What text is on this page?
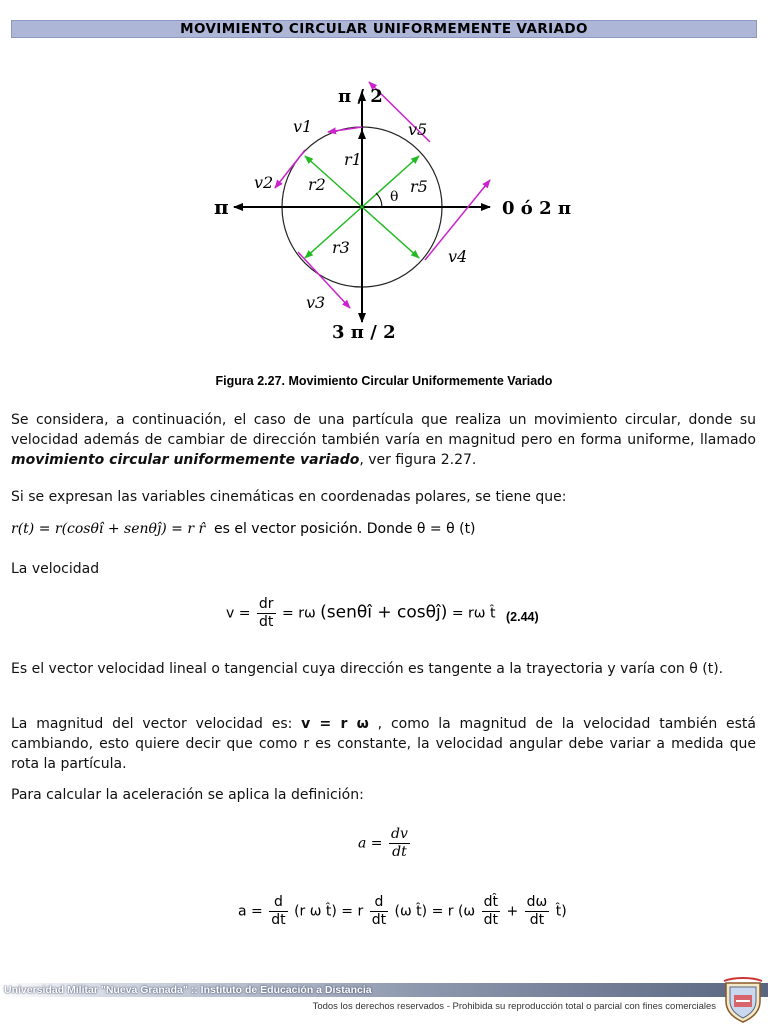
MOVIMIENTO CIRCULAR UNIFORMEMENTE VARIADO
π / 2
π	0 ó 2 π
3 π / 2
θ
v1	v5
v2
v3
v4
r1
r2	r5
r3
Figura 2.27. Movimiento Circular Uniformemente Variado

Se considera, a continuación, el caso de una partícula que realiza un movimiento circular, donde su velocidad además de cambiar de dirección también varía en magnitud pero en forma uniforme, llamado movimiento circular uniformemente variado, ver figura 2.27.

Si se expresan las variables cinemáticas en coordenadas polares, se tiene que:

r(t) = r(cosθî + senθĵ) = r r̂ es el vector posición. Donde θ = θ (t)

La velocidad

$v = \frac{dr}{dt} = r\omega$ (senθî + cosθĵ) = rω t̂ (2.44)

Es el vector velocidad lineal o tangencial cuya dirección es tangente a la trayectoria y varía con θ (t).

La magnitud del vector velocidad es: v = r ω , como la magnitud de la velocidad también está cambiando, esto quiere decir que como r es constante, la velocidad angular debe variar a medida que rota la partícula.

Para calcular la aceleración se aplica la definición:

$a = \frac{dv}{dt}$
$a = \frac{d}{dt} (r$ ω t̂) = r $\frac{d}{dt} (\omega$ t̂) = r ($\omega \frac{dt̂}{dt} + \frac{d\omega}{dt}$ t̂)
Universidad Militar "Nueva Granada" :: Instituto de Educación a Distancia
Todos los derechos reservados - Prohibida su reproducción total o parcial con fines comerciales
